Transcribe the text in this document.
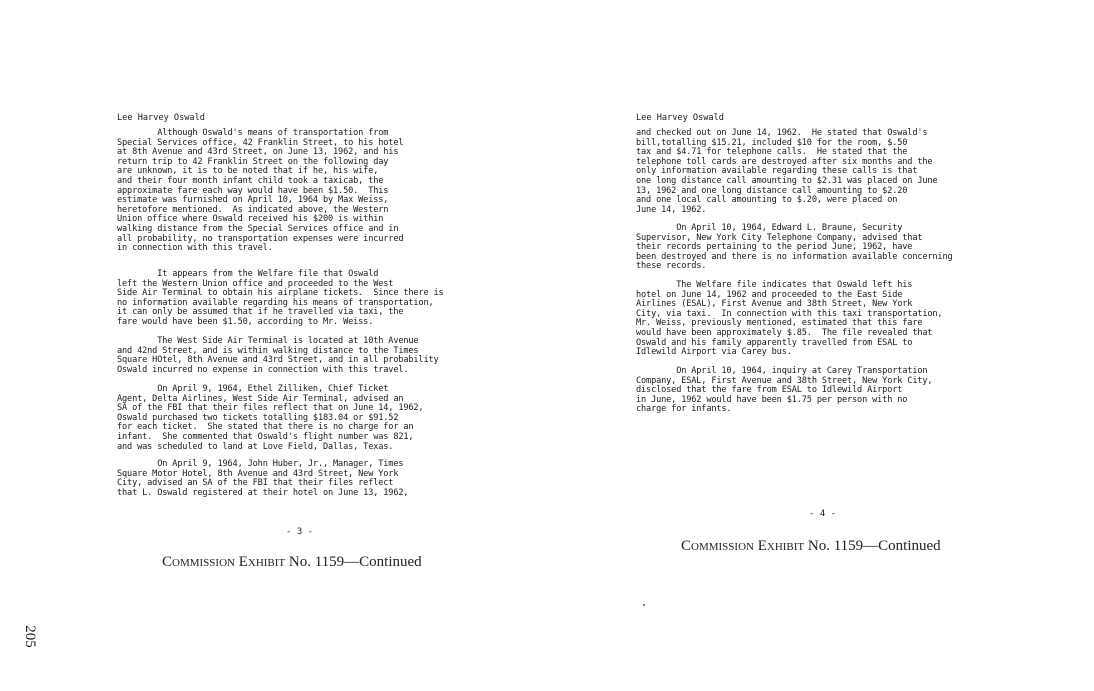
Lee Harvey Oswald
Although Oswald's means of transportation from
Special Services office, 42 Franklin Street, to his hotel
at 8th Avenue and 43rd Street, on June 13, 1962, and his
return trip to 42 Franklin Street on the following day
are unknown, it is to be noted that if he, his wife,
and their four month infant child took a taxicab, the
approximate fare each way would have been $1.50.  This
estimate was furnished on April 10, 1964 by Max Weiss,
heretofore mentioned.  As indicated above, the Western
Union office where Oswald received his $200 is within
walking distance from the Special Services office and in
all probability, no transportation expenses were incurred
in connection with this travel.
It appears from the Welfare file that Oswald
left the Western Union office and proceeded to the West
Side Air Terminal to obtain his airplane tickets.  Since there is
no information available regarding his means of transportation,
it can only be assumed that if he travelled via taxi, the
fare would have been $1.50, according to Mr. Weiss.
The West Side Air Terminal is located at 10th Avenue
and 42nd Street, and is within walking distance to the Times
Square HOtel, 8th Avenue and 43rd Street, and in all probability
Oswald incurred no expense in connection with this travel.
On April 9, 1964, Ethel Zilliken, Chief Ticket
Agent, Delta Airlines, West Side Air Terminal, advised an
SA of the FBI that their files reflect that on June 14, 1962,
Oswald purchased two tickets totalling $183.04 or $91.52
for each ticket.  She stated that there is no charge for an
infant.  She commented that Oswald's flight number was 821,
and was scheduled to land at Love Field, Dallas, Texas.
On April 9, 1964, John Huber, Jr., Manager, Times
Square Motor Hotel, 8th Avenue and 43rd Street, New York
City, advised an SA of the FBI that their files reflect
that L. Oswald registered at their hotel on June 13, 1962,
- 3 -
Commission Exhibit No. 1159—Continued
205
Lee Harvey Oswald
and checked out on June 14, 1962.  He stated that Oswald's
bill,totalling $15.21, included $10 for the room, $.50
tax and $4.71 for telephone calls.  He stated that the
telephone toll cards are destroyed after six months and the
only information available regarding these calls is that
one long distance call amounting to $2.31 was placed on June
13, 1962 and one long distance call amounting to $2.20
and one local call amounting to $.20, were placed on
June 14, 1962.
On April 10, 1964, Edward L. Braune, Security
Supervisor, New York City Telephone Company, advised that
their records pertaining to the period June, 1962, have
been destroyed and there is no information available concerning
these records.
The Welfare file indicates that Oswald left his
hotel on June 14, 1962 and proceeded to the East Side
Airlines (ESAL), First Avenue and 38th Street, New York
City, via taxi.  In connection with this taxi transportation,
Mr. Weiss, previously mentioned, estimated that this fare
would have been approximately $.85.  The file revealed that
Oswald and his family apparently travelled from ESAL to
Idlewild Airport via Carey bus.
On April 10, 1964, inquiry at Carey Transportation
Company, ESAL, First Avenue and 38th Street, New York City,
disclosed that the fare from ESAL to Idlewild Airport
in June, 1962 would have been $1.75 per person with no
charge for infants.
- 4 -
Commission Exhibit No. 1159—Continued
